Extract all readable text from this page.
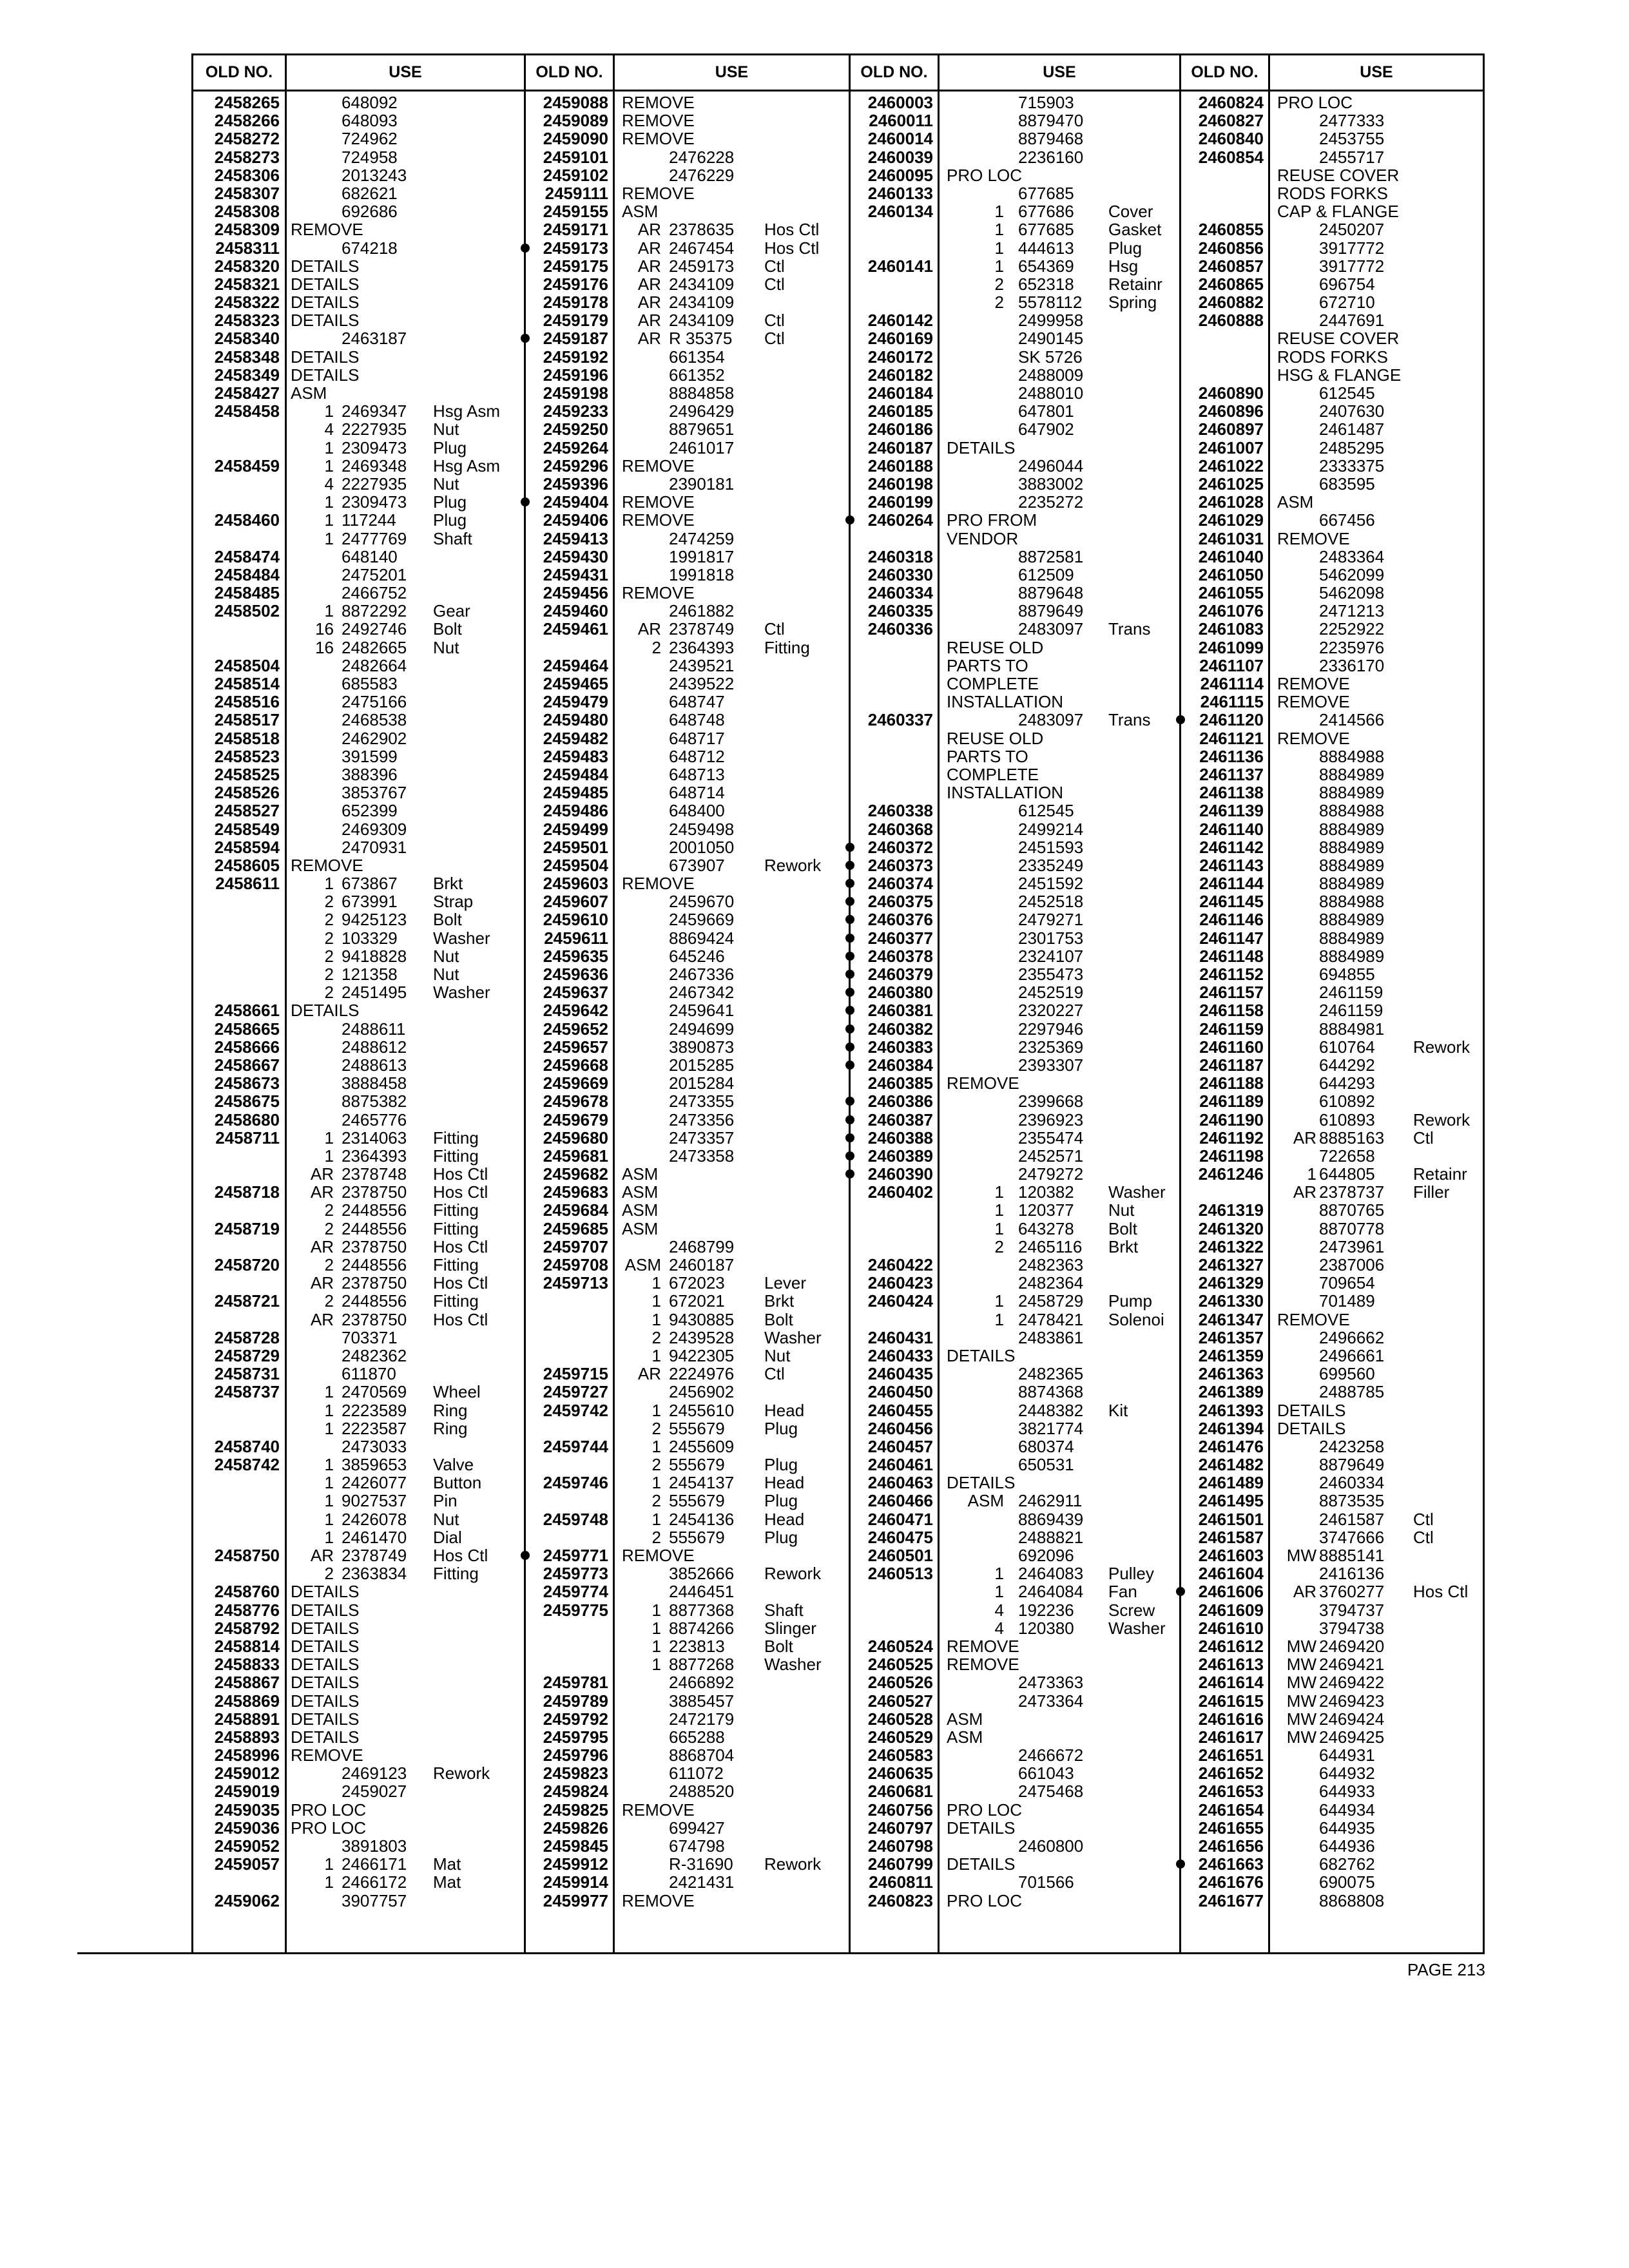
OLD NO.	USE
2458265	648092
2458266	648093
2458272	724962
2458273	724958
2458306	2013243
2458307	682621
2458308	692686
2458309 REMOVE
2458311	674218
2458320 DETAILS
2458321 DETAILS
2458322 DETAILS
2458323 DETAILS
2458340	2463187
2458348 DETAILS
2458349 DETAILS
2458427 ASM
2458458	1 2469347 Hsg Asm
4 2227935 Nut
1 2309473 Plug
2458459	1 2469348 Hsg Asm
4 2227935 Nut
1 2309473 Plug
2458460	1 117244 Plug
1 2477769 Shaft
2458474	648140
2458484	2475201
2458485	2466752
2458502	1 8872292 Gear
16 2492746 Bolt
16 2482665 Nut
2458504	2482664
2458514	685583
2458516	2475166
2458517	2468538
2458518	2462902
2458523	391599
2458525	388396
2458526	3853767
2458527	652399
2458549	2469309
2458594	2470931
2458605 REMOVE
2458611	1 673867 Brkt
2 673991 Strap
2 9425123 Bolt
2 103329 Washer
2 9418828 Nut
2 121358 Nut
2 2451495 Washer
2458661 DETAILS
2458665	2488611
2458666	2488612
2458667	2488613
2458673	3888458
2458675	8875382
2458680	2465776
2458711	1 2314063 Fitting
1 2364393 Fitting
AR 2378748 Hos Ctl
2458718	AR 2378750 Hos Ctl
2 2448556 Fitting
2458719	2 2448556 Fitting
AR 2378750 Hos Ctl
2458720	2 2448556 Fitting
AR 2378750 Hos Ctl
2458721	2 2448556 Fitting
AR 2378750 Hos Ctl
2458728	703371
2458729	2482362
2458731	611870
2458737	1 2470569 Wheel
1 2223589 Ring
1 2223587 Ring
2458740	2473033
2458742	1 3859653 Valve
1 2426077 Button
1 9027537 Pin
1 2426078 Nut
1 2461470 Dial
2458750	AR 2378749 Hos Ctl
2 2363834 Fitting
2458760 DETAILS
2458776 DETAILS
2458792 DETAILS
2458814 DETAILS
2458833 DETAILS
2458867 DETAILS
2458869 DETAILS
2458891 DETAILS
2458893 DETAILS
2458996 REMOVE
2459012	2469123 Rework
2459019	2459027
2459035 PRO LOC
2459036 PRO LOC
2459052	3891803
2459057	1 2466171 Mat
1 2466172 Mat
2459062	3907757
OLD NO.	USE
2459088 REMOVE
2459089 REMOVE
2459090 REMOVE
2459101	2476228
2459102	2476229
2459111 REMOVE
2459155 ASM
2459171	AR 2378635 Hos Ctl
2459173	AR 2467454 Hos Ctl
2459175	AR 2459173 Ctl
2459176	AR 2434109 Ctl
2459178	AR 2434109
2459179	AR 2434109 Ctl
2459187	AR R 35375 Ctl
2459192	661354
2459196	661352
2459198	8884858
2459233	2496429
2459250	8879651
2459264	2461017
2459296 REMOVE
2459396	2390181
2459404 REMOVE
2459406 REMOVE
2459413	2474259
2459430	1991817
2459431	1991818
2459456 REMOVE
2459460	2461882
2459461	AR 2378749 Ctl
2 2364393 Fitting
2459464	2439521
2459465	2439522
2459479	648747
2459480	648748
2459482	648717
2459483	648712
2459484	648713
2459485	648714
2459486	648400
2459499	2459498
2459501	2001050
2459504	673907 Rework
2459603 REMOVE
2459607	2459670
2459610	2459669
2459611	8869424
2459635	645246
2459636	2467336
2459637	2467342
2459642	2459641
2459652	2494699
2459657	3890873
2459668	2015285
2459669	2015284
2459678	2473355
2459679	2473356
2459680	2473357
2459681	2473358
2459682 ASM
2459683 ASM
2459684 ASM
2459685 ASM
2459707	2468799
2459708 ASM 2460187
2459713	1 672023 Lever
1 672021 Brkt
1 9430885 Bolt
2 2439528 Washer
1 9422305 Nut
2459715	AR 2224976 Ctl
2459727	2456902
2459742	1 2455610 Head
2 555679 Plug
2459744	1 2455609
2 555679 Plug
2459746	1 2454137 Head
2 555679 Plug
2459748	1 2454136 Head
2 555679 Plug
2459771 REMOVE
2459773	3852666 Rework
2459774	2446451
2459775	1 8877368 Shaft
1 8874266 Slinger
1 223813 Bolt
1 8877268 Washer
2459781	2466892
2459789	3885457
2459792	2472179
2459795	665288
2459796	8868704
2459823	611072
2459824	2488520
2459825 REMOVE
2459826	699427
2459845	674798
2459912	R-31690 Rework
2459914	2421431
2459977 REMOVE
OLD NO.	USE
2460003	715903
2460011	8879470
2460014	8879468
2460039	2236160
2460095 PRO LOC
2460133	677685
2460134	1 677686 Cover
1 677685 Gasket
1 444613 Plug
2460141	1 654369 Hsg
2 652318 Retainr
2 5578112 Spring
2460142	2499958
2460169	2490145
2460172	SK 5726
2460182	2488009
2460184	2488010
2460185	647801
2460186	647902
2460187 DETAILS
2460188	2496044
2460198	3883002
2460199	2235272
2460264 PRO FROM
VENDOR
2460318	8872581
2460330	612509
2460334	8879648
2460335	8879649
2460336	2483097 Trans
REUSE OLD
PARTS TO
COMPLETE
INSTALLATION
2460337	2483097 Trans
REUSE OLD
PARTS TO
COMPLETE
INSTALLATION
2460338	612545
2460368	2499214
2460372	2451593
2460373	2335249
2460374	2451592
2460375	2452518
2460376	2479271
2460377	2301753
2460378	2324107
2460379	2355473
2460380	2452519
2460381	2320227
2460382	2297946
2460383	2325369
2460384	2393307
2460385 REMOVE
2460386	2399668
2460387	2396923
2460388	2355474
2460389	2452571
2460390	2479272
2460402	1 120382 Washer
1 120377 Nut
1 643278 Bolt
2 2465116 Brkt
2460422	2482363
2460423	2482364
2460424	1 2458729 Pump
1 2478421 Solenoi
2460431	2483861
2460433 DETAILS
2460435	2482365
2460450	8874368
2460455	2448382 Kit
2460456	3821774
2460457	680374
2460461	650531
2460463 DETAILS
2460466 ASM 2462911
2460471	8869439
2460475	2488821
2460501	692096
2460513	1 2464083 Pulley
1 2464084 Fan
4 192236 Screw
4 120380 Washer
2460524 REMOVE
2460525 REMOVE
2460526	2473363
2460527	2473364
2460528 ASM
2460529 ASM
2460583	2466672
2460635	661043
2460681	2475468
2460756 PRO LOC
2460797 DETAILS
2460798	2460800
2460799 DETAILS
2460811	701566
2460823 PRO LOC
OLD NO.	USE
2460824 PRO LOC
2460827	2477333
2460840	2453755
2460854	2455717
REUSE COVER
RODS FORKS
CAP & FLANGE
2460855	2450207
2460856	3917772
2460857	3917772
2460865	696754
2460882	672710
2460888	2447691
REUSE COVER
RODS FORKS
HSG & FLANGE
2460890	612545
2460896	2407630
2460897	2461487
2461007	2485295
2461022	2333375
2461025	683595
2461028 ASM
2461029	667456
2461031 REMOVE
2461040	2483364
2461050	5462099
2461055	5462098
2461076	2471213
2461083	2252922
2461099	2235976
2461107	2336170
2461114 REMOVE
2461115 REMOVE
2461120	2414566
2461121 REMOVE
2461136	8884988
2461137	8884989
2461138	8884989
2461139	8884988
2461140	8884989
2461142	8884989
2461143	8884989
2461144	8884989
2461145	8884988
2461146	8884989
2461147	8884989
2461148	8884989
2461152	694855
2461157	2461159
2461158	2461159
2461159	8884981
2461160	610764 Rework
2461187	644292
2461188	644293
2461189	610892
2461190	610893 Rework
2461192	AR 8885163 Ctl
2461198	722658
2461246	1 644805 Retainr
AR 2378737 Filler
2461319	8870765
2461320	8870778
2461322	2473961
2461327	2387006
2461329	709654
2461330	701489
2461347 REMOVE
2461357	2496662
2461359	2496661
2461363	699560
2461389	2488785
2461393 DETAILS
2461394 DETAILS
2461476	2423258
2461482	8879649
2461489	2460334
2461495	8873535
2461501	2461587 Ctl
2461587	3747666 Ctl
2461603	MW 8885141
2461604	2416136
2461606	AR 3760277 Hos Ctl
2461609	3794737
2461610	3794738
2461612	MW 2469420
2461613	MW 2469421
2461614	MW 2469422
2461615	MW 2469423
2461616	MW 2469424
2461617	MW 2469425
2461651	644931
2461652	644932
2461653	644933
2461654	644934
2461655	644935
2461656	644936
2461663	682762
2461676	690075
2461677	8868808
PAGE 213
